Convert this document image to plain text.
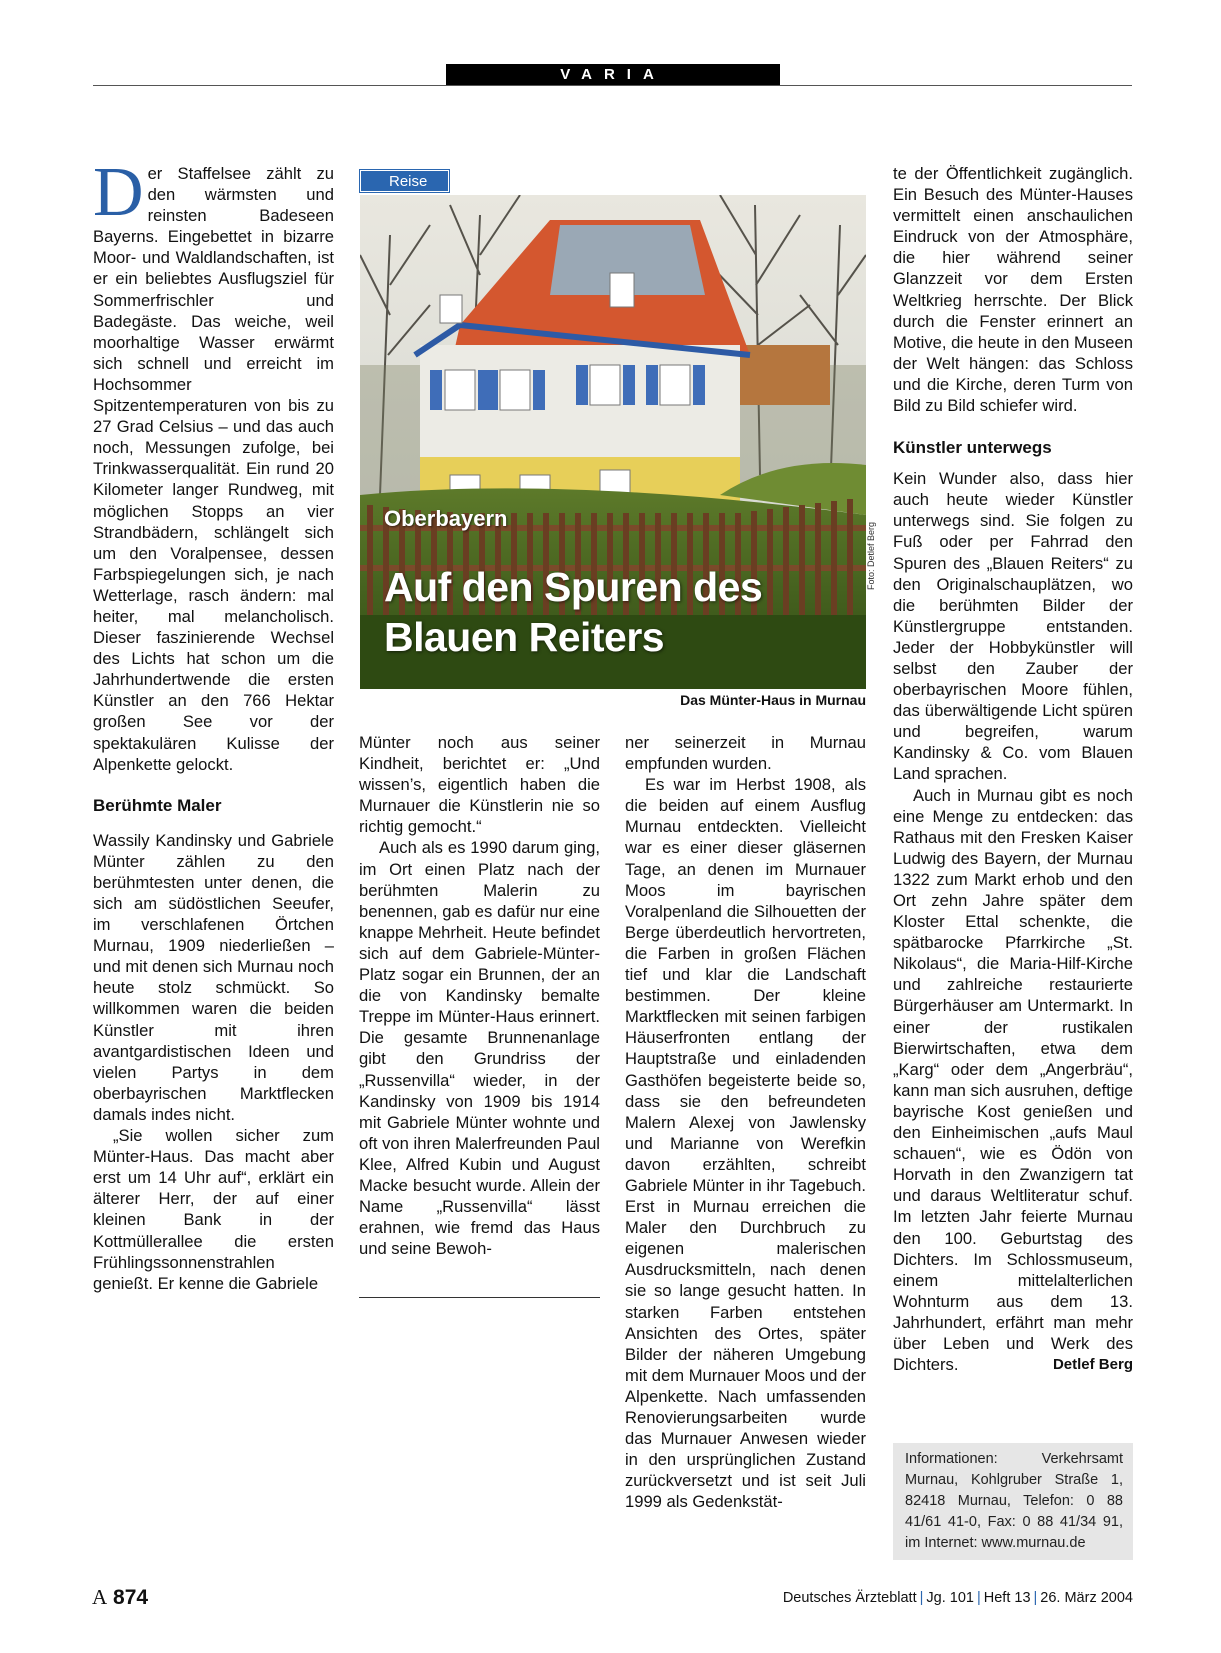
VARIA

Der Staffelsee zählt zu den wärmsten und reinsten Badeseen Bayerns. Eingebettet in bizarre Moor- und Waldlandschaften, ist er ein beliebtes Ausflugsziel für Sommerfrischler und Badegäste. Das weiche, weil moorhaltige Wasser erwärmt sich schnell und erreicht im Hochsommer Spitzentemperaturen von bis zu 27 Grad Celsius – und das auch noch, Messungen zufolge, bei Trinkwasserqualität. Ein rund 20 Kilometer langer Rundweg, mit möglichen Stopps an vier Strandbädern, schlängelt sich um den Voralpensee, dessen Farbspiegelungen sich, je nach Wetterlage, rasch ändern: mal heiter, mal melancholisch. Dieser faszinierende Wechsel des Lichts hat schon um die Jahrhundertwende die ersten Künstler an den 766 Hektar großen See vor der spektakulären Kulisse der Alpenkette gelockt.

Berühmte Maler

Wassily Kandinsky und Gabriele Münter zählen zu den berühmtesten unter denen, die sich am südöstlichen Seeufer, im verschlafenen Örtchen Murnau, 1909 niederließen – und mit denen sich Murnau noch heute stolz schmückt. So willkommen waren die beiden Künstler mit ihren avantgardistischen Ideen und vielen Partys in dem oberbayrischen Marktflecken damals indes nicht.

„Sie wollen sicher zum Münter-Haus. Das macht aber erst um 14 Uhr auf“, erklärt ein älterer Herr, der auf einer kleinen Bank in der Kottmüllerallee die ersten Frühlingssonnenstrahlen genießt. Er kenne die Gabriele

Reise
Oberbayern
Auf den Spuren des
Blauen Reiters
Foto: Detlef Berg
Das Münter-Haus in Murnau

Münter noch aus seiner Kindheit, berichtet er: „Und wissen’s, eigentlich haben die Murnauer die Künstlerin nie so richtig gemocht.“

Auch als es 1990 darum ging, im Ort einen Platz nach der berühmten Malerin zu benennen, gab es dafür nur eine knappe Mehrheit. Heute befindet sich auf dem Gabriele-Münter-Platz sogar ein Brunnen, der an die von Kandinsky bemalte Treppe im Münter-Haus erinnert. Die gesamte Brunnenanlage gibt den Grundriss der „Russenvilla“ wieder, in der Kandinsky von 1909 bis 1914 mit Gabriele Münter wohnte und oft von ihren Malerfreunden Paul Klee, Alfred Kubin und August Macke besucht wurde. Allein der Name „Russenvilla“ lässt erahnen, wie fremd das Haus und seine Bewoh-

ner seinerzeit in Murnau empfunden wurden.

Es war im Herbst 1908, als die beiden auf einem Ausflug Murnau entdeckten. Vielleicht war es einer dieser gläsernen Tage, an denen im Murnauer Moos im bayrischen Voralpenland die Silhouetten der Berge überdeutlich hervortreten, die Farben in großen Flächen tief und klar die Landschaft bestimmen. Der kleine Marktflecken mit seinen farbigen Häuserfronten entlang der Hauptstraße und einladenden Gasthöfen begeisterte beide so, dass sie den befreundeten Malern Alexej von Jawlensky und Marianne von Werefkin davon erzählten, schreibt Gabriele Münter in ihr Tagebuch. Erst in Murnau erreichen die Maler den Durchbruch zu eigenen malerischen Ausdrucksmitteln, nach denen sie so lange gesucht hatten. In starken Farben entstehen Ansichten des Ortes, später Bilder der näheren Umgebung mit dem Murnauer Moos und der Alpenkette. Nach umfassenden Renovierungsarbeiten wurde das Murnauer Anwesen wieder in den ursprünglichen Zustand zurückversetzt und ist seit Juli 1999 als Gedenkstät-

te der Öffentlichkeit zugänglich. Ein Besuch des Münter-Hauses vermittelt einen anschaulichen Eindruck von der Atmosphäre, die hier während seiner Glanzzeit vor dem Ersten Weltkrieg herrschte. Der Blick durch die Fenster erinnert an Motive, die heute in den Museen der Welt hängen: das Schloss und die Kirche, deren Turm von Bild zu Bild schiefer wird.

Künstler unterwegs

Kein Wunder also, dass hier auch heute wieder Künstler unterwegs sind. Sie folgen zu Fuß oder per Fahrrad den Spuren des „Blauen Reiters“ zu den Originalschauplätzen, wo die berühmten Bilder der Künstlergruppe entstanden. Jeder der Hobbykünstler will selbst den Zauber der oberbayrischen Moore fühlen, das überwältigende Licht spüren und begreifen, warum Kandinsky & Co. vom Blauen Land sprachen.

Auch in Murnau gibt es noch eine Menge zu entdecken: das Rathaus mit den Fresken Kaiser Ludwig des Bayern, der Murnau 1322 zum Markt erhob und den Ort zehn Jahre später dem Kloster Ettal schenkte, die spätbarocke Pfarrkirche „St. Nikolaus“, die Maria-Hilf-Kirche und zahlreiche restaurierte Bürgerhäuser am Untermarkt. In einer der rustikalen Bierwirtschaften, etwa dem „Karg“ oder dem „Angerbräu“, kann man sich ausruhen, deftige bayrische Kost genießen und den Einheimischen „aufs Maul schauen“, wie es Ödön von Horvath in den Zwanzigern tat und daraus Weltliteratur schuf. Im letzten Jahr feierte Murnau den 100. Geburtstag des Dichters. Im Schlossmuseum, einem mittelalterlichen Wohnturm aus dem 13. Jahrhundert, erfährt man mehr über Leben und Werk des Dichters.	Detlef Berg

Informationen: Verkehrsamt Murnau, Kohlgruber Straße 1, 82418 Murnau, Telefon: 0 88 41/61 41-0, Fax: 0 88 41/34 91, im Internet: www.murnau.de
A 874	Deutsches Ärzteblatt | Jg. 101 | Heft 13 | 26. März 2004
